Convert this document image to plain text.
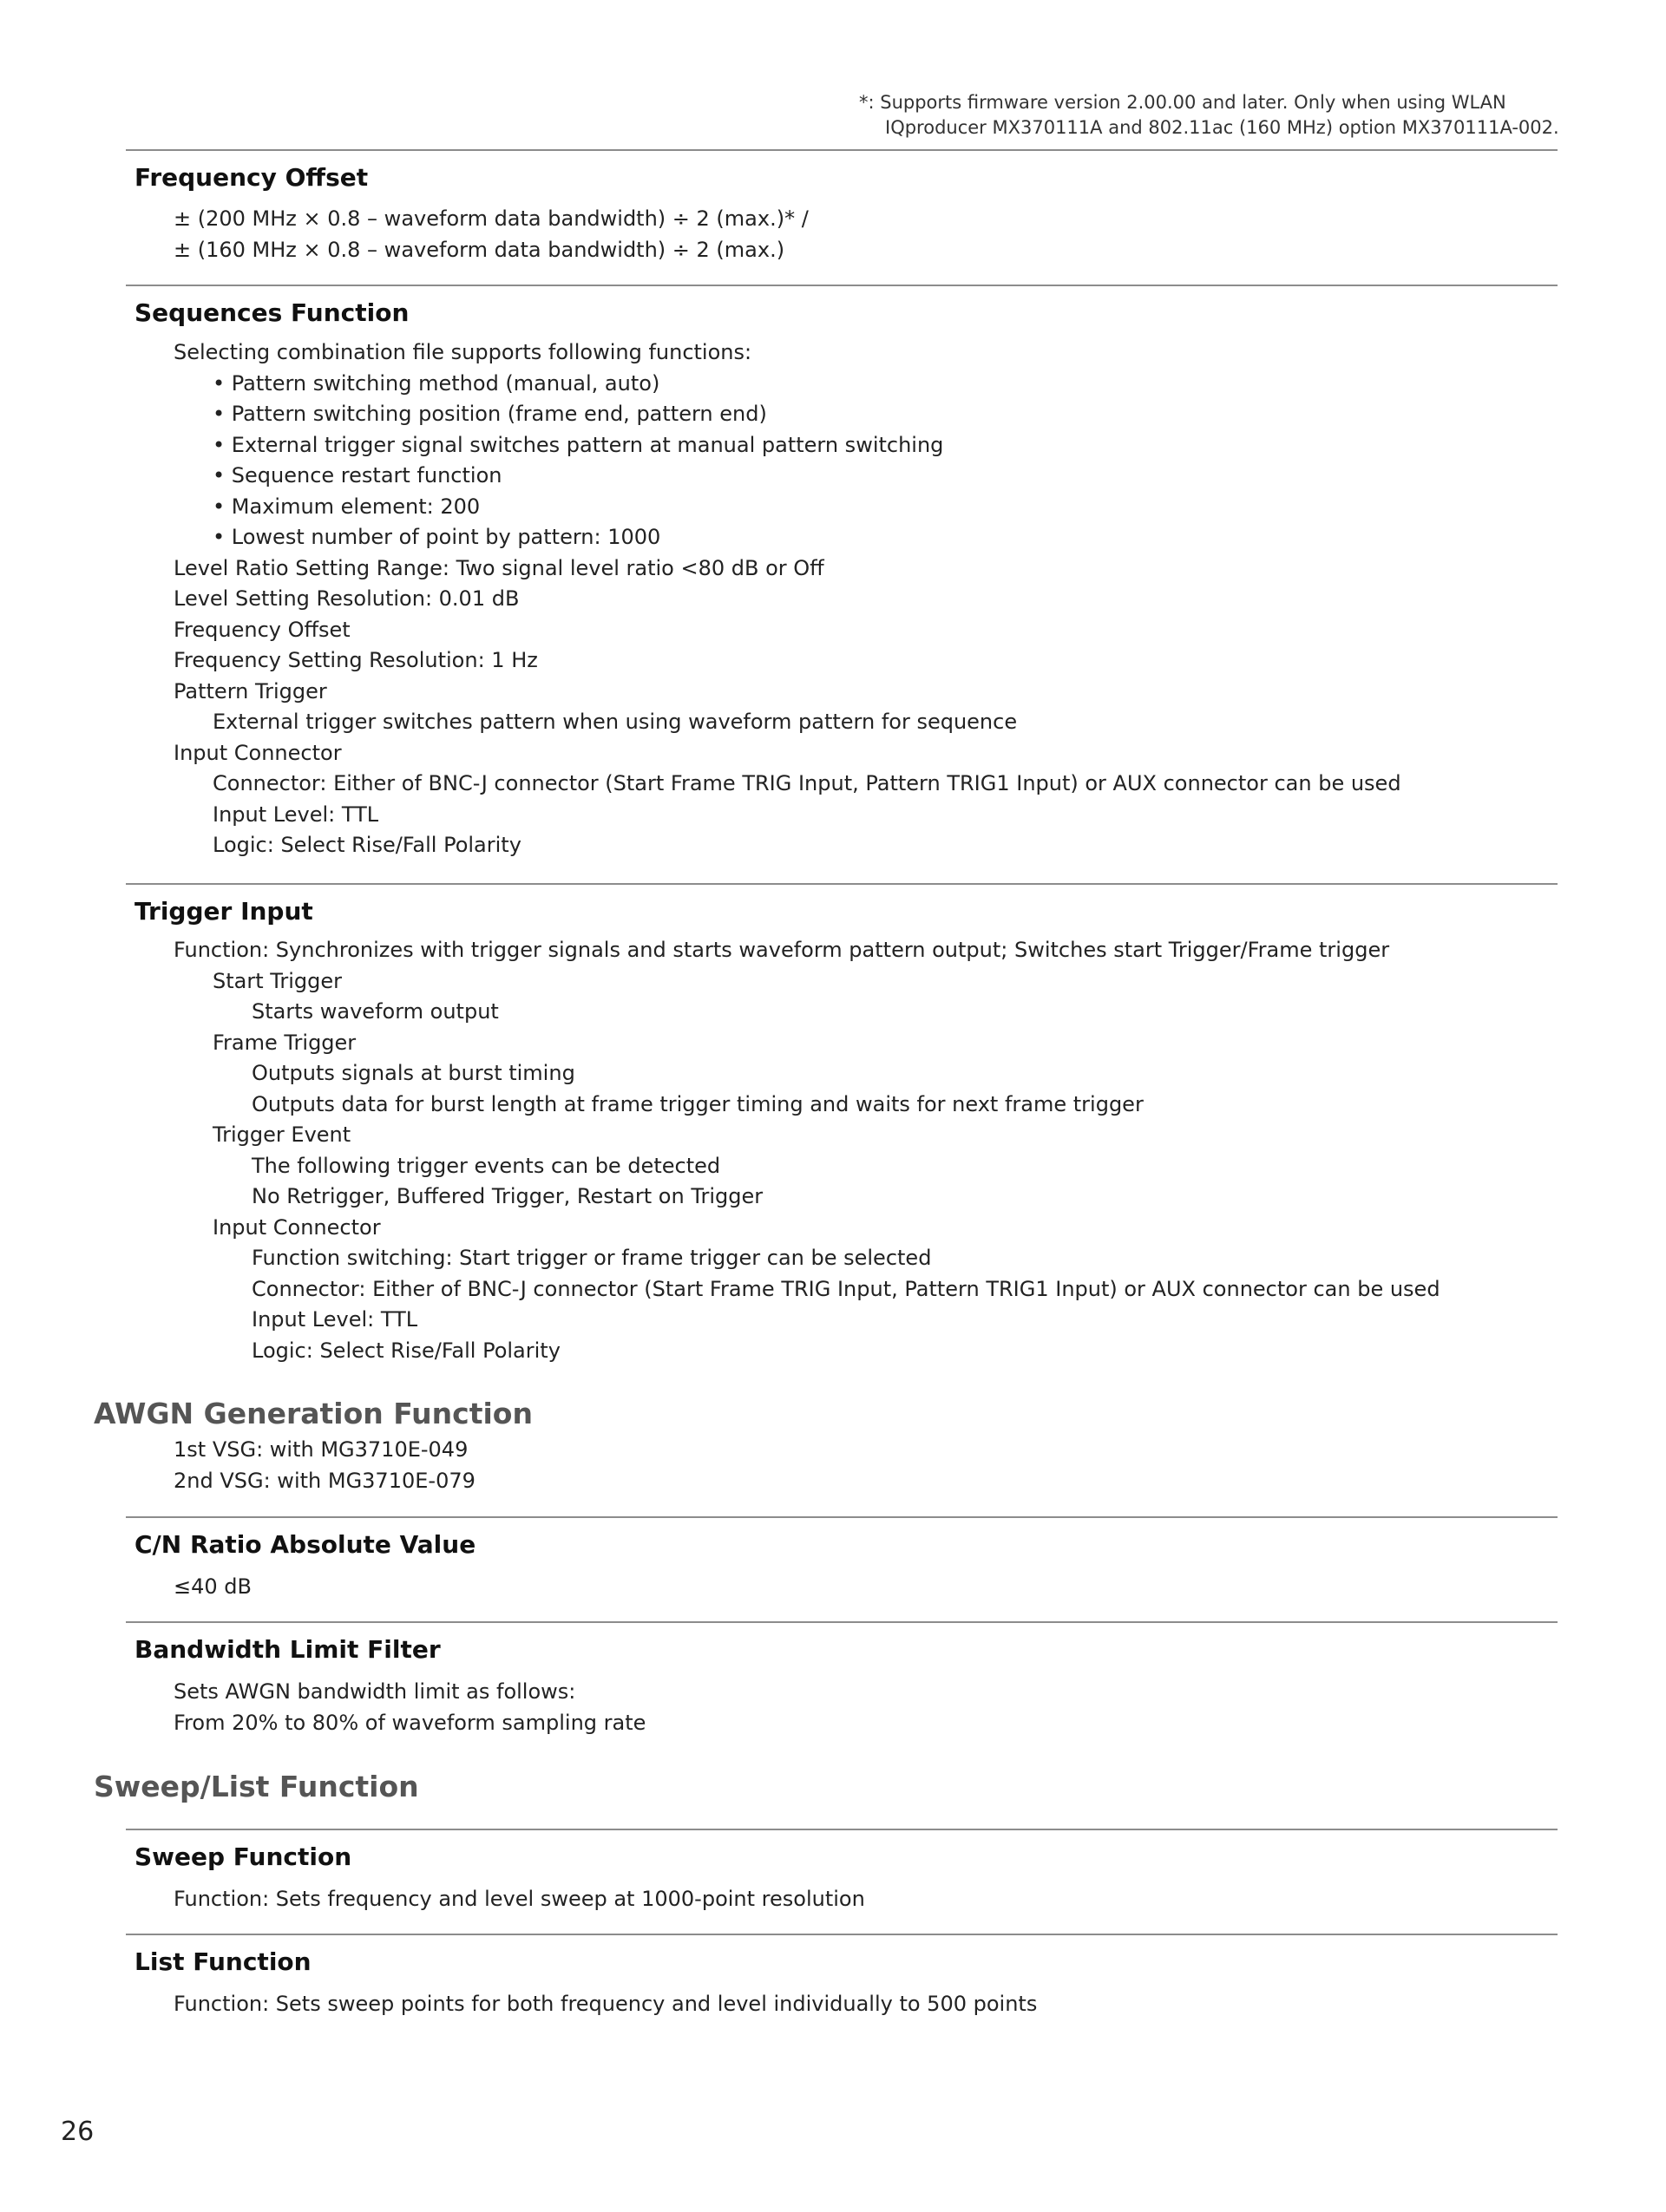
*: Supports firmware version 2.00.00 and later. Only when using WLAN
IQproducer MX370111A and 802.11ac (160 MHz) option MX370111A-002.
Frequency Offset
± (200 MHz × 0.8 – waveform data bandwidth) ÷ 2 (max.)* /
± (160 MHz × 0.8 – waveform data bandwidth) ÷ 2 (max.)
Sequences Function
Selecting combination file supports following functions:
• Pattern switching method (manual, auto)
• Pattern switching position (frame end, pattern end)
• External trigger signal switches pattern at manual pattern switching
• Sequence restart function
• Maximum element: 200
• Lowest number of point by pattern: 1000
Level Ratio Setting Range: Two signal level ratio <80 dB or Off
Level Setting Resolution: 0.01 dB
Frequency Offset
Frequency Setting Resolution: 1 Hz
Pattern Trigger
External trigger switches pattern when using waveform pattern for sequence
Input Connector
Connector: Either of BNC-J connector (Start Frame TRIG Input, Pattern TRIG1 Input) or AUX connector can be used
Input Level: TTL
Logic: Select Rise/Fall Polarity
Trigger Input
Function: Synchronizes with trigger signals and starts waveform pattern output; Switches start Trigger/Frame trigger
Start Trigger
Starts waveform output
Frame Trigger
Outputs signals at burst timing
Outputs data for burst length at frame trigger timing and waits for next frame trigger
Trigger Event
The following trigger events can be detected
No Retrigger, Buffered Trigger, Restart on Trigger
Input Connector
Function switching: Start trigger or frame trigger can be selected
Connector: Either of BNC-J connector (Start Frame TRIG Input, Pattern TRIG1 Input) or AUX connector can be used
Input Level: TTL
Logic: Select Rise/Fall Polarity
AWGN Generation Function
1st VSG: with MG3710E-049
2nd VSG: with MG3710E-079
C/N Ratio Absolute Value
≤40 dB
Bandwidth Limit Filter
Sets AWGN bandwidth limit as follows:
From 20% to 80% of waveform sampling rate
Sweep/List Function
Sweep Function
Function: Sets frequency and level sweep at 1000-point resolution
List Function
Function: Sets sweep points for both frequency and level individually to 500 points

26
